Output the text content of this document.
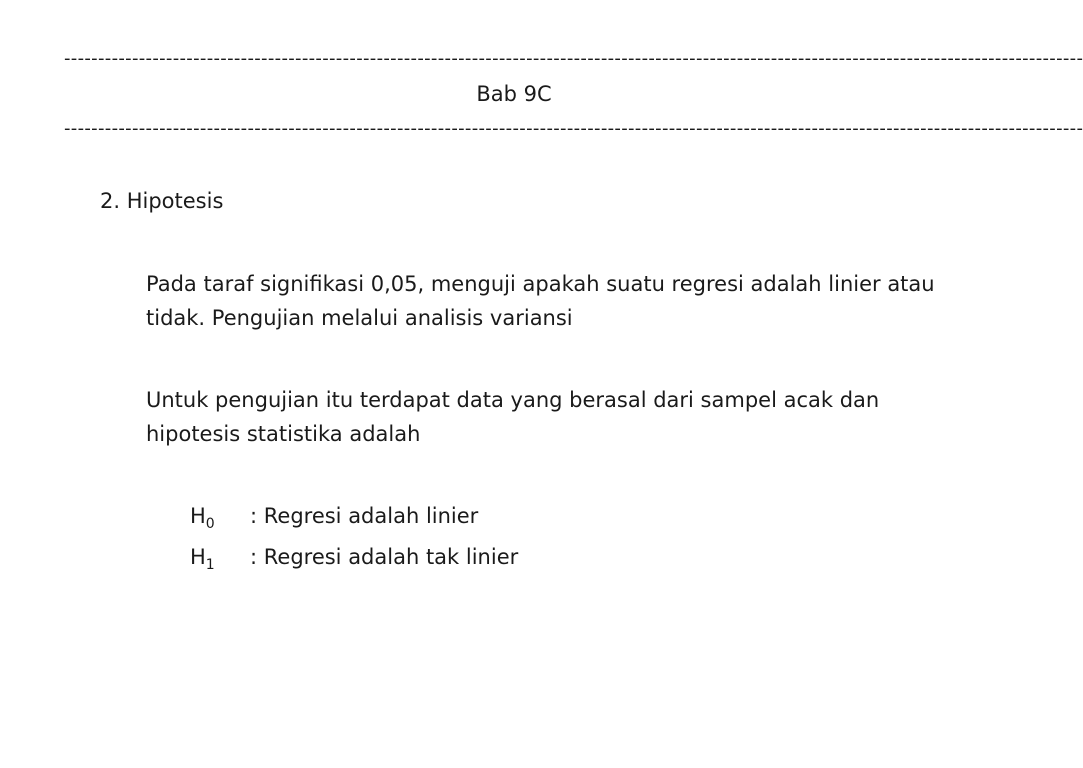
------------------------------------------------------------------------------------------------------------------------------------------------------
Bab 9C
------------------------------------------------------------------------------------------------------------------------------------------------------
2. Hipotesis
Pada taraf signifikasi 0,05, menguji apakah suatu regresi adalah linier atau tidak. Pengujian melalui analisis variansi
Untuk pengujian itu terdapat data yang berasal dari sampel acak dan hipotesis statistika adalah
$H_0$ : Regresi adalah linier
$H_1$ : Regresi adalah tak linier
